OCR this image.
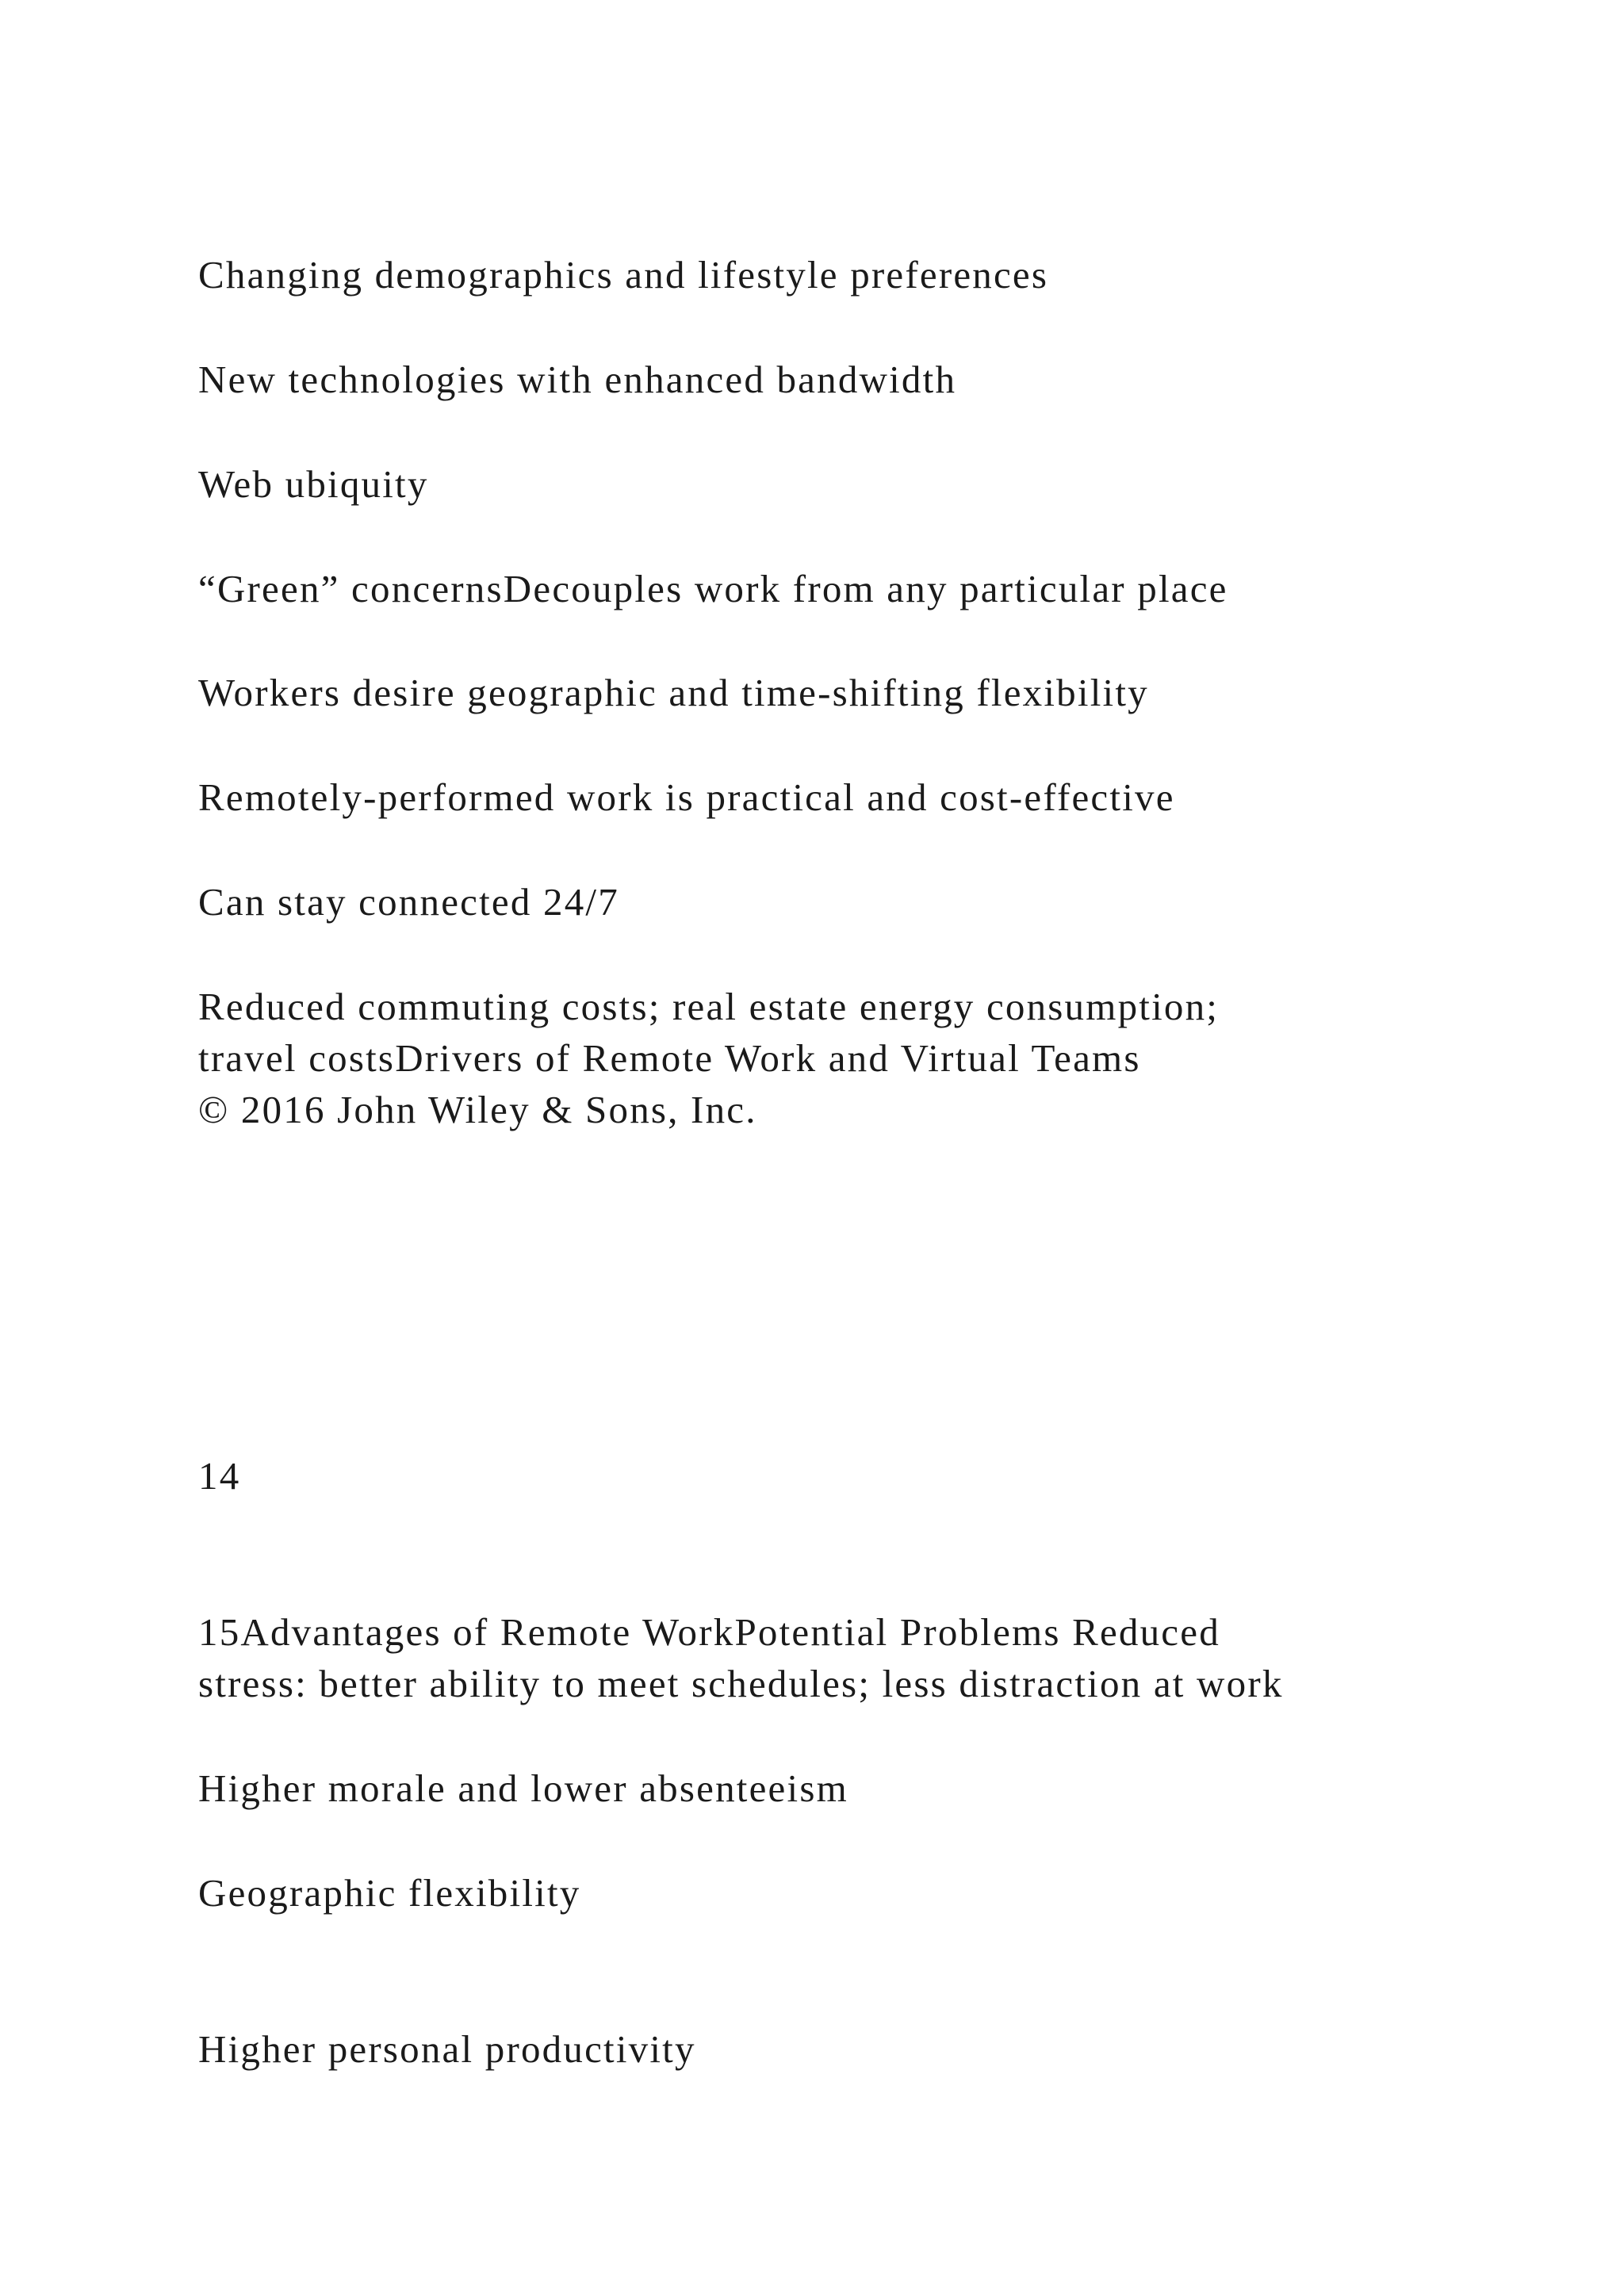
Changing demographics and lifestyle preferences

New technologies with enhanced bandwidth

Web ubiquity

“Green” concernsDecouples work from any particular place

Workers desire geographic and time-shifting flexibility

Remotely-performed work is practical and cost-effective

Can stay connected 24/7

Reduced commuting costs; real estate energy consumption;

travel costsDrivers of Remote Work and Virtual Teams

© 2016 John Wiley & Sons, Inc.

14

15Advantages of Remote WorkPotential Problems Reduced

stress: better ability to meet schedules; less distraction at work

Higher morale and lower absenteeism

Geographic flexibility

Higher personal productivity
